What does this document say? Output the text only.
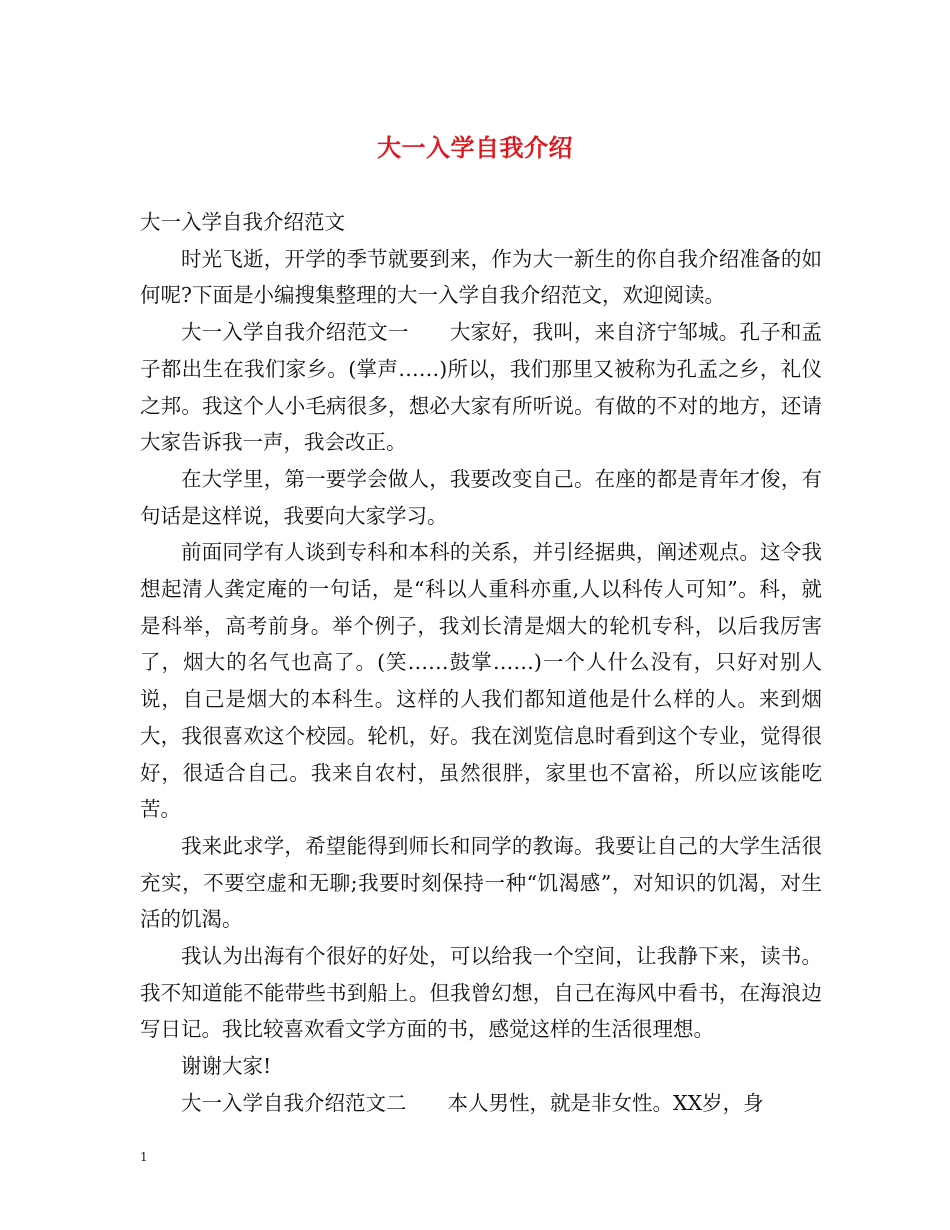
大一入学自我介绍

大一入学自我介绍范文

时光飞逝，开学的季节就要到来，作为大一新生的你自我介绍准备的如何呢?下面是小编搜集整理的大一入学自我介绍范文，欢迎阅读。

大一入学自我介绍范文一　　大家好，我叫，来自济宁邹城。孔子和孟子都出生在我们家乡。(掌声……)所以，我们那里又被称为孔孟之乡，礼仪之邦。我这个人小毛病很多，想必大家有所听说。有做的不对的地方，还请大家告诉我一声，我会改正。

在大学里，第一要学会做人，我要改变自己。在座的都是青年才俊，有句话是这样说，我要向大家学习。

前面同学有人谈到专科和本科的关系，并引经据典，阐述观点。这令我想起清人龚定庵的一句话，是“科以人重科亦重,人以科传人可知”。科，就是科举，高考前身。举个例子，我刘长清是烟大的轮机专科，以后我厉害了，烟大的名气也高了。(笑……鼓掌……)一个人什么没有，只好对别人说，自己是烟大的本科生。这样的人我们都知道他是什么样的人。来到烟大，我很喜欢这个校园。轮机，好。我在浏览信息时看到这个专业，觉得很好，很适合自己。我来自农村，虽然很胖，家里也不富裕，所以应该能吃苦。

我来此求学，希望能得到师长和同学的教诲。我要让自己的大学生活很充实，不要空虚和无聊;我要时刻保持一种“饥渴感”，对知识的饥渴，对生活的饥渴。

我认为出海有个很好的好处，可以给我一个空间，让我静下来，读书。我不知道能不能带些书到船上。但我曾幻想，自己在海风中看书，在海浪边写日记。我比较喜欢看文学方面的书，感觉这样的生活很理想。

谢谢大家!

大一入学自我介绍范文二　　本人男性，就是非女性。XX岁，身

1
